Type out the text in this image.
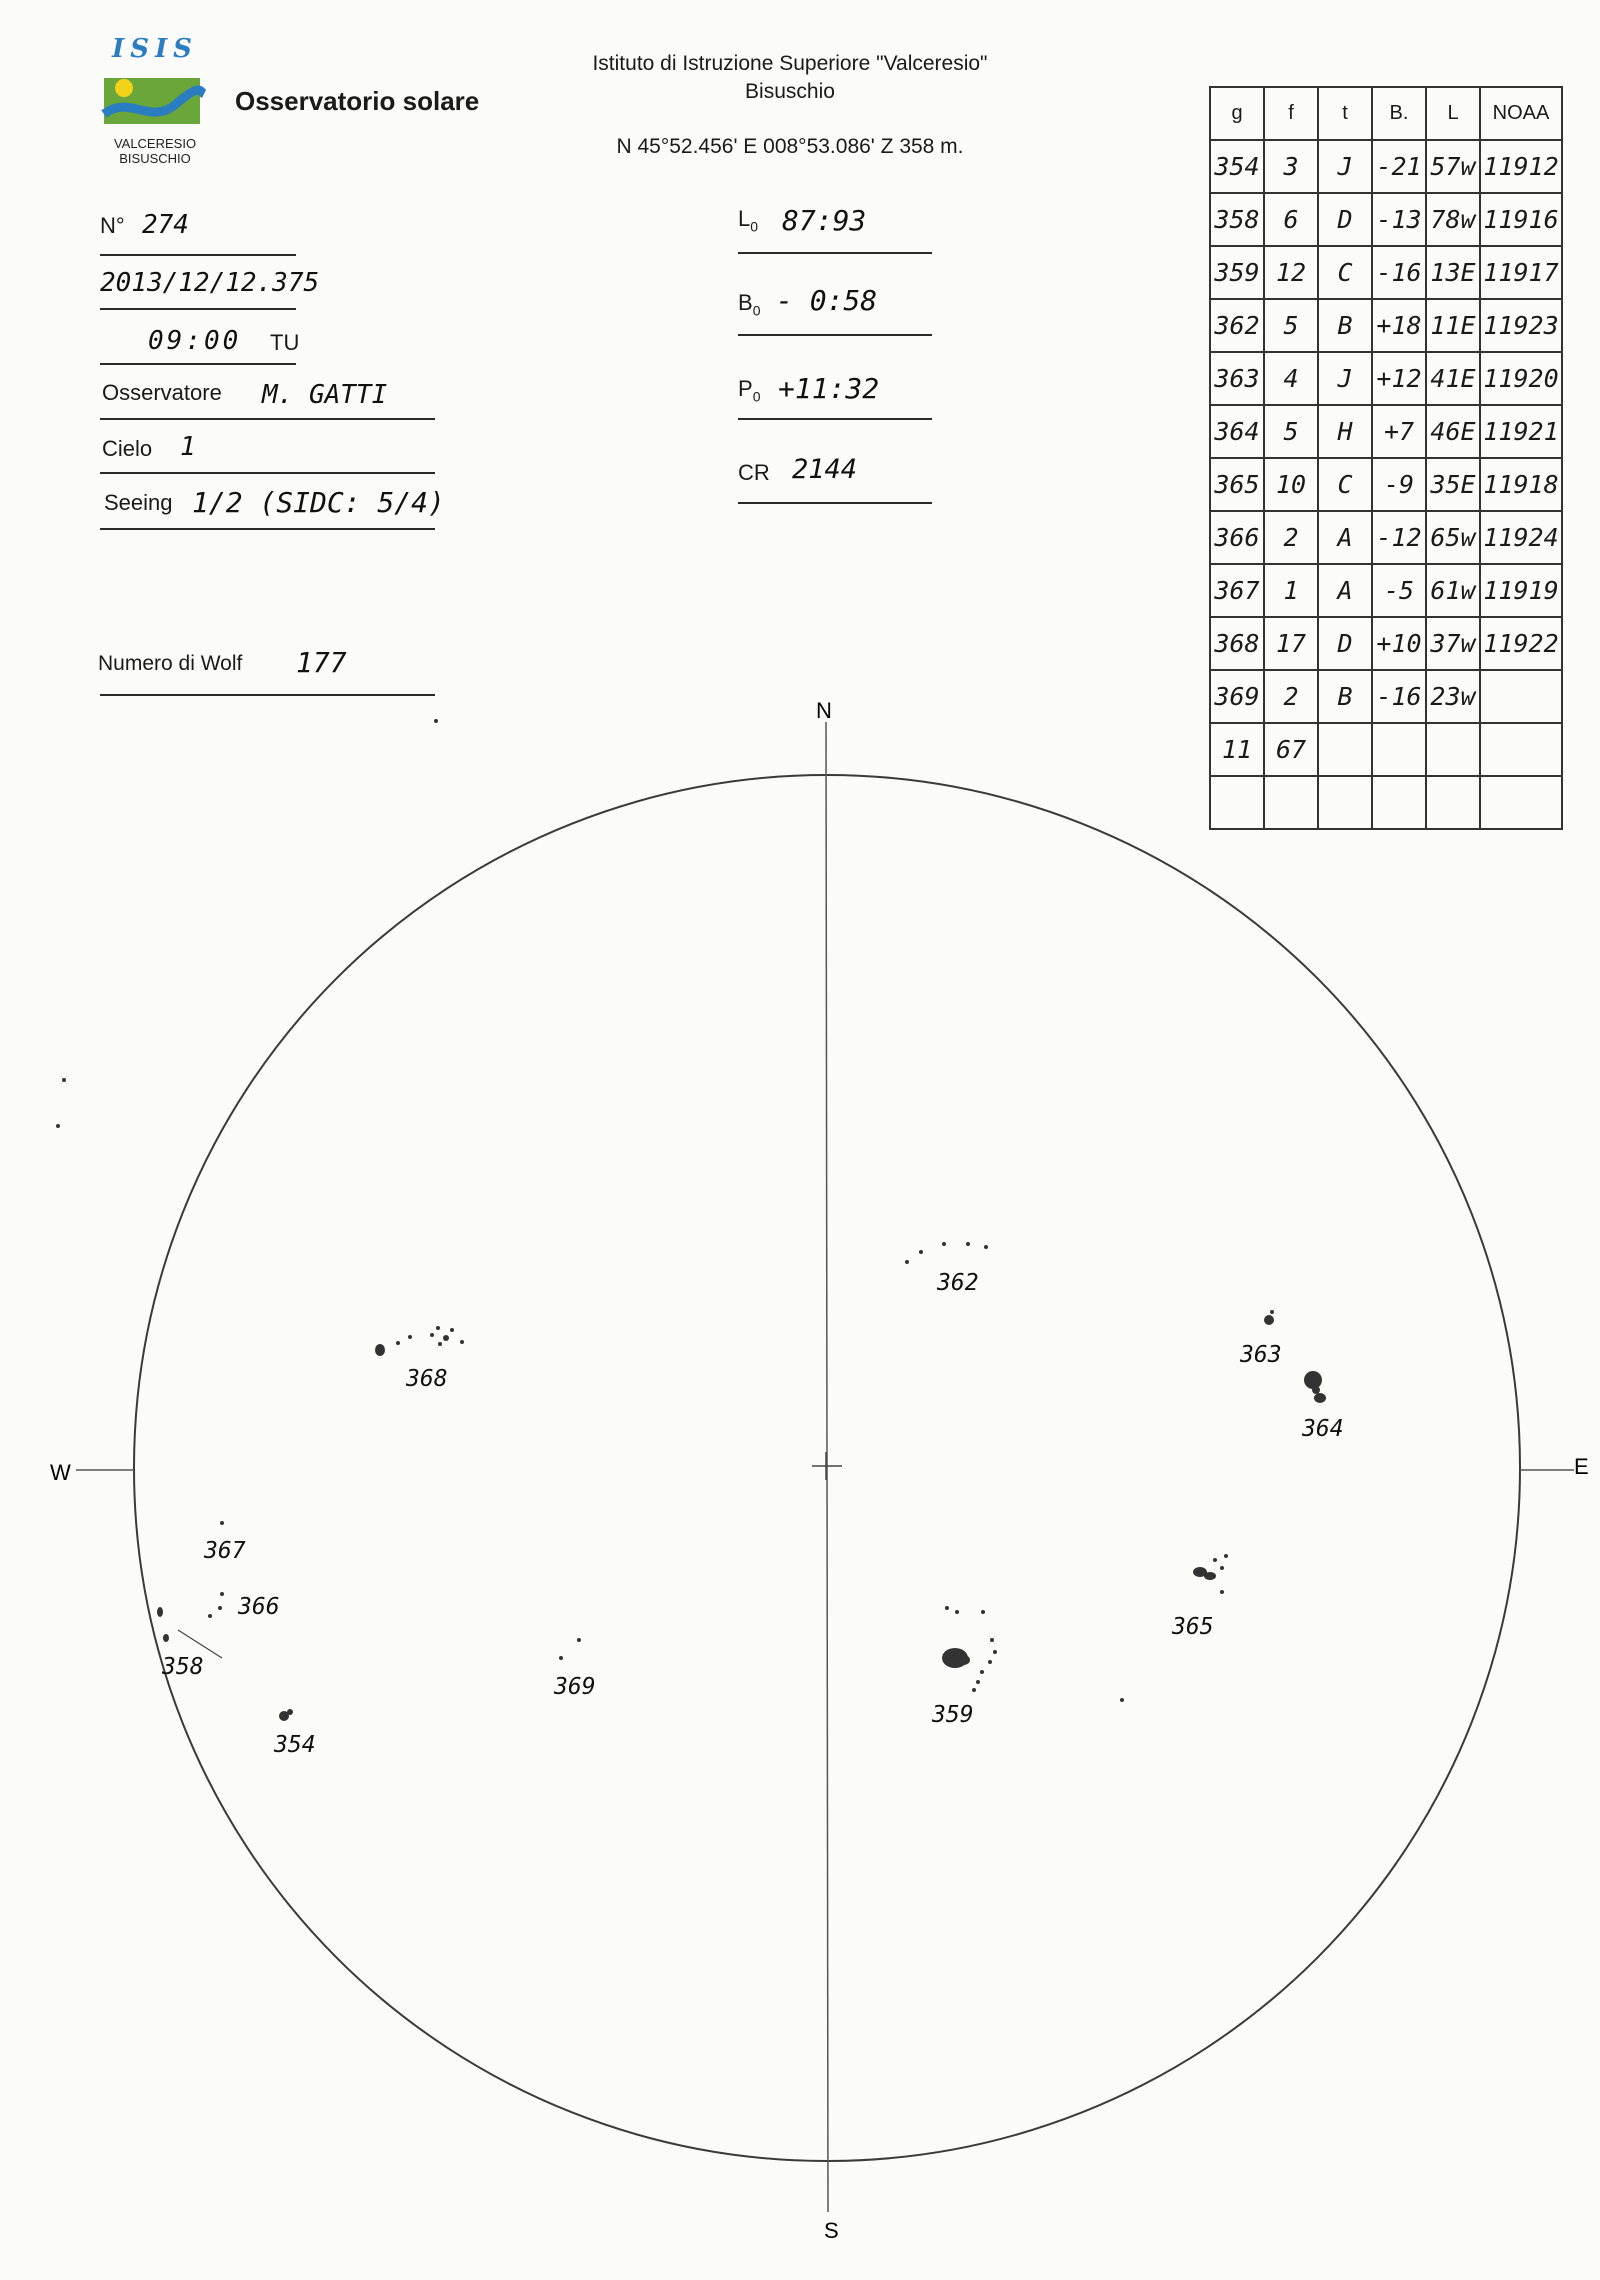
ISIS
VALCERESIO
BISUSCHIO
Osservatorio solare
Istituto di Istruzione Superiore "Valceresio"
Bisuschio
N 45°52.456' E 008°53.086' Z 358 m.
N° 274
2013/12/12.375
09:00 TU
Osservatore M. GATTI
Cielo 1
Seeing 1/2 (SIDC: 5/4)
Numero di Wolf 177
$L_0$ 87:93
$B_0$ - 0:58
$P_0$ +11:32
CR 2144
g	f	t	B.	L	NOAA
354	3	J	-21	57w	11912
358	6	D	-13	78w	11916
359	12	C	-16	13E	11917
362	5	B	+18	11E	11923
363	4	J	+12	41E	11920
364	5	H	+7	46E	11921
365	10	C	-9	35E	11918
366	2	A	-12	65w	11924
367	1	A	-5	61w	11919
368	17	D	+10	37w	11922
369	2	B	-16	23w	
11	67				

N
S
W	E
354
358
359
362
363
364
365
366
367
368
369
